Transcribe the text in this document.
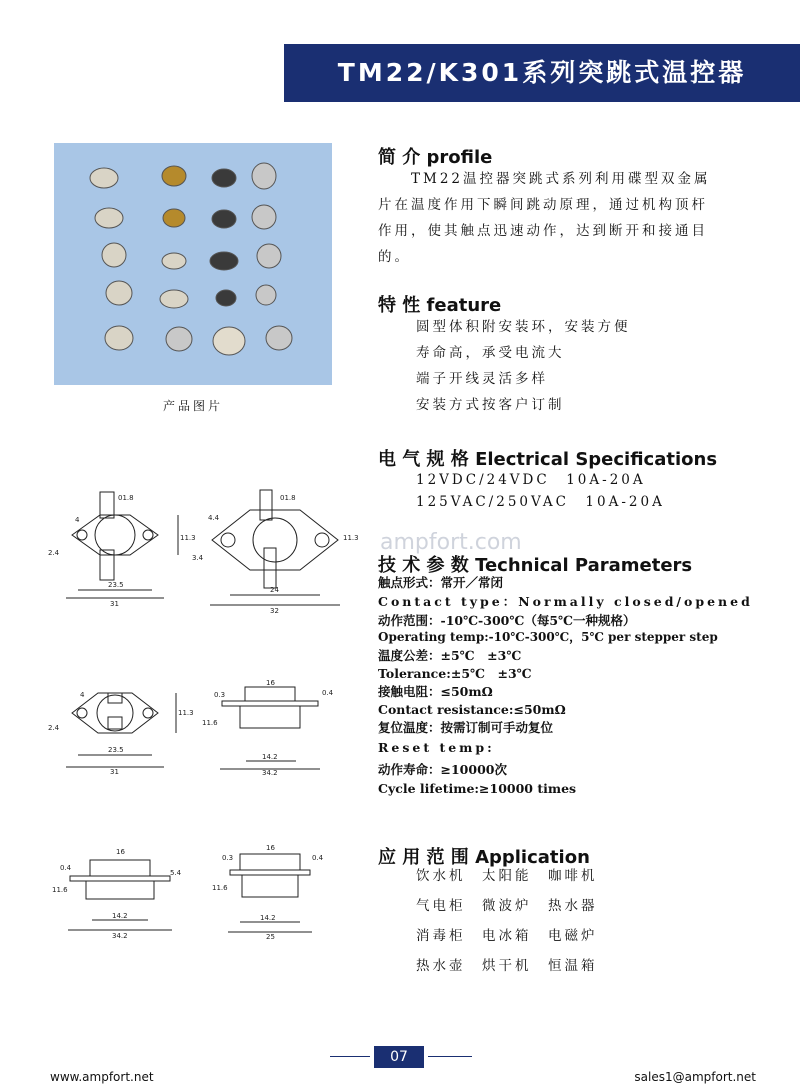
TM22/K301系列突跳式温控器
产品图片
ampfort.com
简 介 profile
　　TM22温控器突跳式系列利用碟型双金属
片在温度作用下瞬间跳动原理，通过机构顶杆
作用，使其触点迅速动作，达到断开和接通目
的。
特 性 feature
圆型体积附安装环，安装方便
寿命高，承受电流大
端子开线灵活多样
安装方式按客户订制
电 气 规 格 Electrical Specifications
12VDC/24VDC　10A-20A
125VAC/250VAC　10A-20A
技 术 参 数 Technical Parameters
触点形式：常开／常闭
Contact type：Normally closed/opened
动作范围：-10℃-300℃（每5℃一种规格）
Operating temp:-10℃-300℃，5℃ per stepper step
温度公差：±5℃　±3℃
Tolerance:±5℃　±3℃
接触电阻：≤50mΩ
Contact resistance:≤50mΩ
复位温度：按需订制可手动复位
Reset temp:
动作寿命：≥10000次
Cycle lifetime:≥10000 times
应 用 范 围 Application
饮水机　太阳能　咖啡机
气电柜　微波炉　热水器
消毒柜　电冰箱　电磁炉
热水壶　烘干机　恒温箱
01.8
4
2.4
11.3
23.5
31
01.8
4.4
3.4
11.3
24
32
4
2.4
11.3
23.5
31
16
0.3	0.4
11.6
14.2
34.2
16
0.4
5.4
11.6
14.2
34.2
16
0.3	0.4
11.6
14.2
25
07
www.ampfort.net	sales1@ampfort.net
